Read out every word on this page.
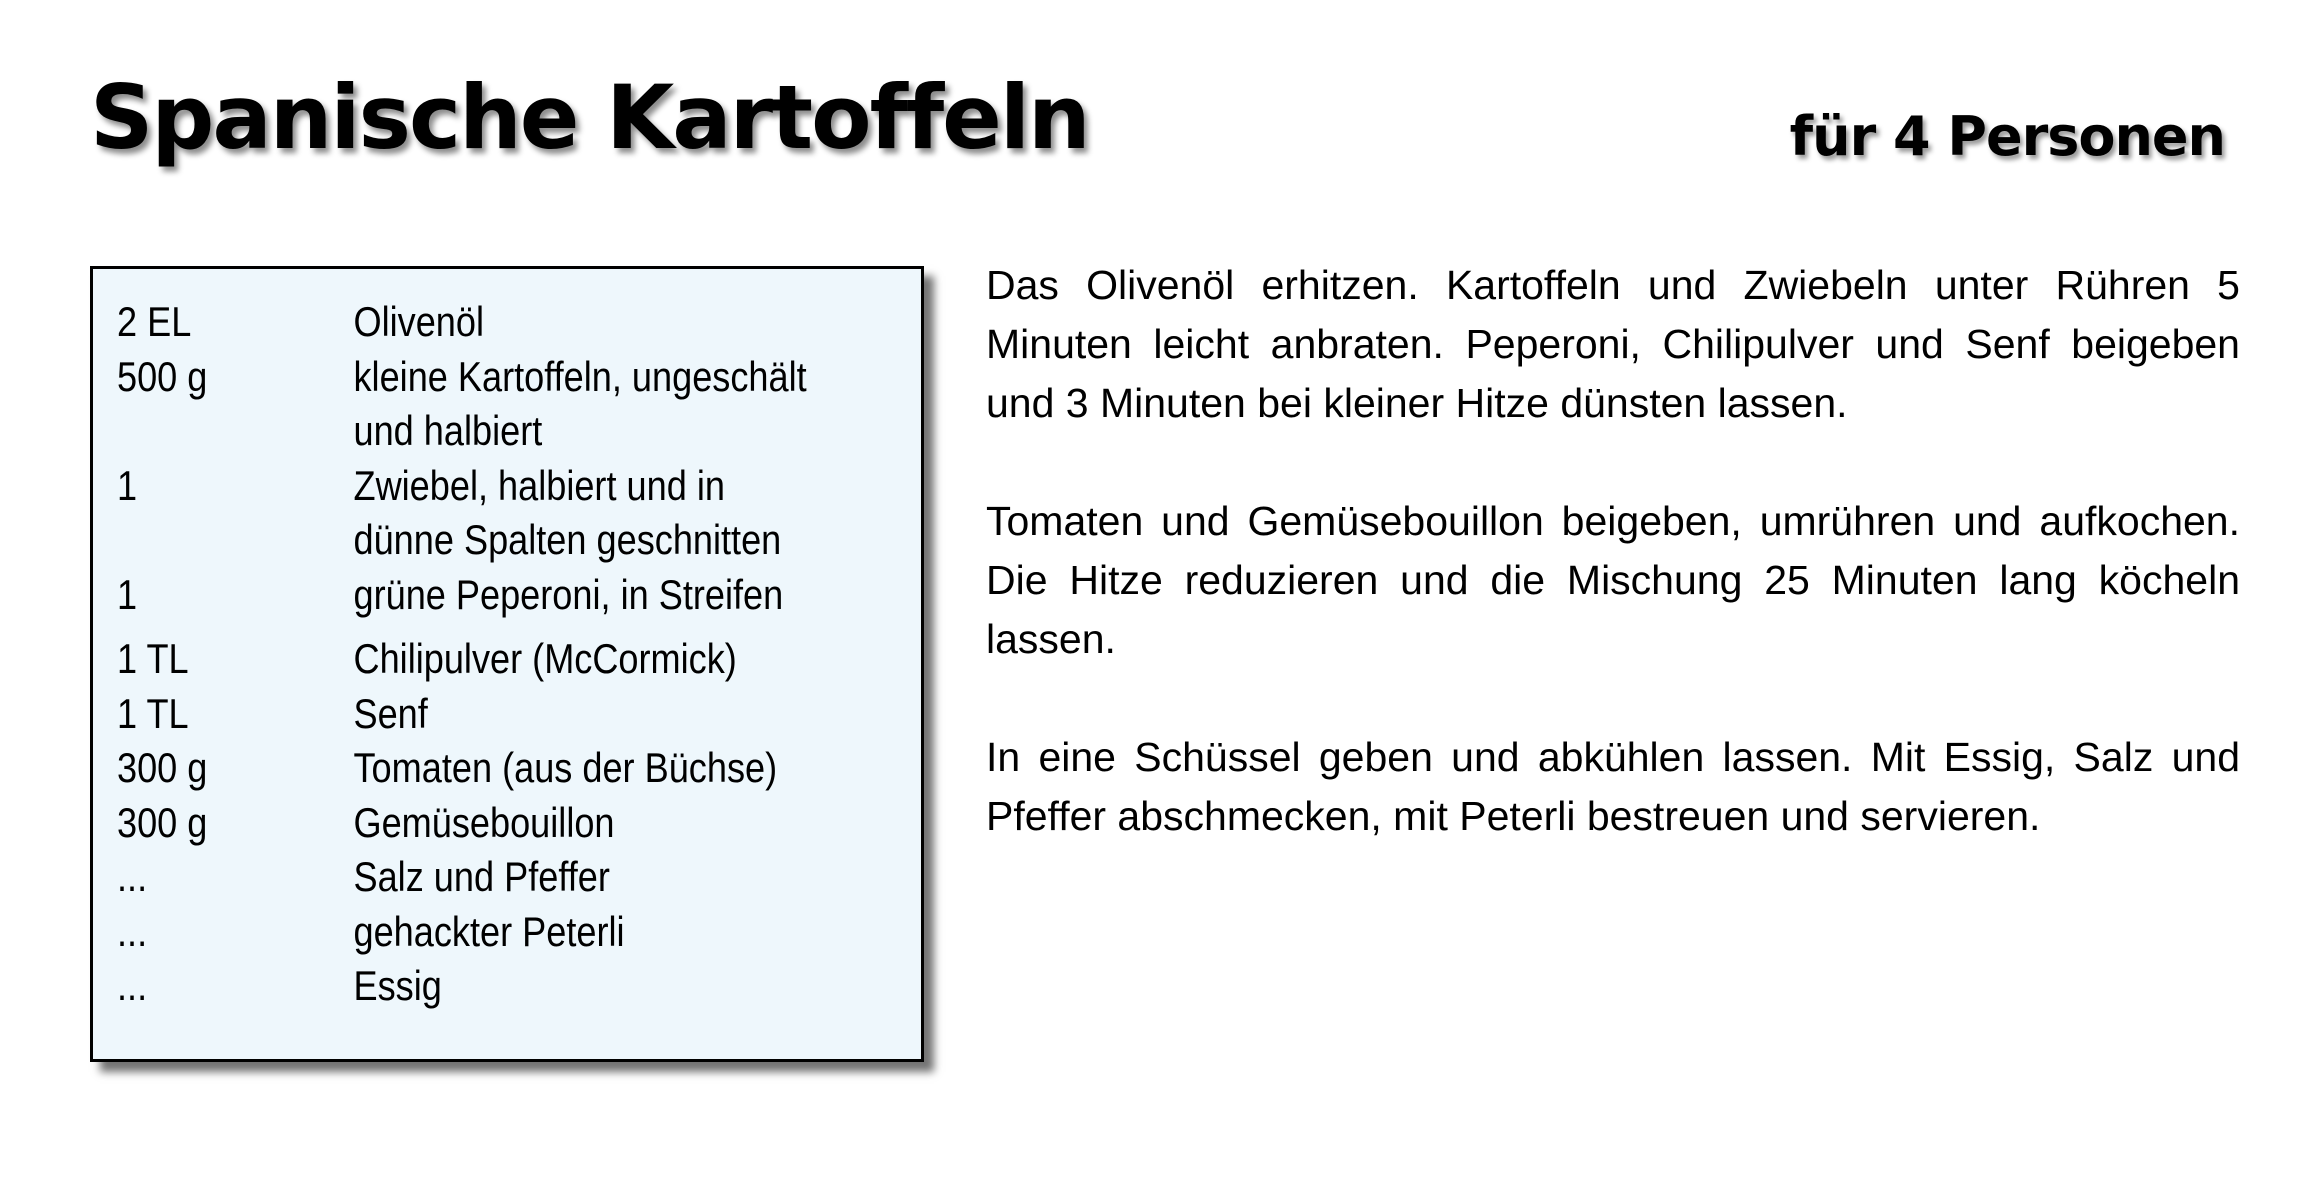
Spanische Kartoffeln	für 4 Personen
2 EL	Olivenöl
500 g	kleine Kartoffeln, ungeschält
und halbiert
1	Zwiebel, halbiert und in
dünne Spalten geschnitten
1	grüne Peperoni, in Streifen
1 TL	Chilipulver (McCormick)
1 TL	Senf
300 g	Tomaten (aus der Büchse)
300 g	Gemüsebouillon
...	Salz und Pfeffer
...	gehackter Peterli
...	Essig

Das Olivenöl erhitzen. Kartoffeln und Zwiebeln unter Rühren 5 Minuten leicht anbraten. Peperoni, Chilipulver und Senf beigeben und 3 Minuten bei kleiner Hitze dünsten lassen.

Tomaten und Gemüsebouillon beigeben, umrühren und aufkochen. Die Hitze reduzieren und die Mischung 25 Minuten lang köcheln lassen.

In eine Schüssel geben und abkühlen lassen. Mit Essig, Salz und Pfeffer abschmecken, mit Peterli bestreuen und servieren.
